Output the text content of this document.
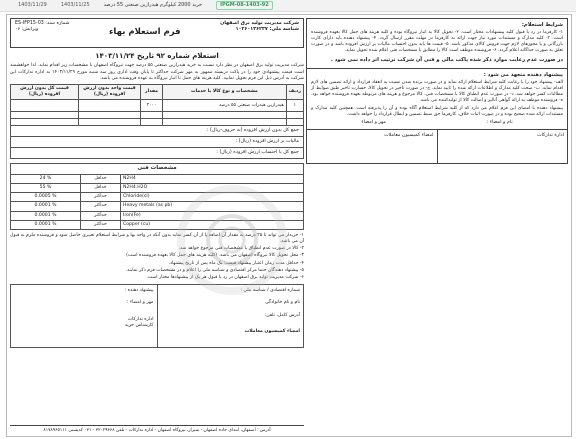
IPGM-08-1403-92
خرید 2000 کیلوگرم هیدرازین صنعتی 55 درصد
1403/11/25
1403/11/29
شرکت مدیریت تولید برق اصفهان
شناسه ملی: ۱۰۲۶۰۱۳۶۲۴۷
فرم استعلام بهاء
ES-IFP15-03 :شماره سند
ویرایش: ۰۶
استعلام شماره ۹۲ تاریخ ۱۴۰۳/۱۱/۲۴
شرکت مدیریت تولید برق اصفهان در نظر دارد نسبت به خرید هیدرازین صنعتی ۵۵ درصد جهت نیروگاه اصفهان با مشخصات زیر اقدام نماید. لذا خواهشمند است قیمت پیشنهادی خود را در پاکت دربسته ممهور به مهر شرکت حداکثر تا پایان وقت اداری روز سه شنبه مورخ ۱۴۰۳/۱۱/۲۹ به اداره تدارکات این شرکت به آدرس ذیل این فرم تحویل نمایید. کلیه هزینه های حمل تا انبار نیروگاه به عهده فروشنده می باشد.
ردیف	مشخصات و نوع کالا یا خدمات	مقدار	قیمت واحد بدون ارزش افزوده (ریال)	قیمت کل بدون ارزش افزوده (ریال)
۱	هیدرازین هیدرات صنعتی ۵۵ درصد	۲۰۰۰		

جمع کل بدون ارزش افزوده (به حروف-ریال) :
مالیات بر ارزش افزوده (ریال) :
جمع کل با احتساب ارزش افزوده (ریال) :
مشخصات فنی
N2H4	حداقل	24 %
N2H4.H2O	حداقل	55 %
Chloride(cl)	حداکثر	0.0005 %
Heavy metals (as pb)	حداکثر	0.0001 %
Iron(Fe)	حداکثر	0.0001 %
Copper (cu)	حداکثر	0.0001 %

۱- خریدار می تواند تا ۲۵ درصد به مقدار آن اضافه یا از آن کسر نماید بدون آنکه در واحد بها و شرایط استعلام تغییری حاصل شود و فروشنده ملزم به قبول آن می باشد.

۲- کالا در صورت عدم انطباق با مشخصات فنی مرجوع خواهد شد.

۳- محل تحویل کالا نیروگاه اصفهان می باشد. (کلیه هزینه های حمل کالا بعهده فروشنده است)

۴- حداقل مدت زمان اعتبار پیشنهاد قیمت: یک ماه پس از تاریخ پیشنهاد.

۵- پیشنهاد دهندگان حتما مرکز اقتصادی و شناسه ملی را اعلام و در مشخصات فرم ذکر نمایند.

۶- شرکت مدیریت تولید برق اصفهان در رد یا قبول هر یک از پیشنهادها مختار است.

شماره اقتصادی / شناسه ملی :
نام و نام خانوادگی
آدرس کامل، تلفن:
امضاء کمیسیون معاملات
پیشنهاد دهنده :
مهر و امضاء :
اداره تدارکات
کارشناس خرید
آدرس : اصفهان، ابتدای جاده اصفهان - شیراز، نیروگاه اصفهان - اداره تدارکات - تلفن ۳۲۰۲۹۳۶۸ - ۰۳۱ کدپستی ۸۱۷۸۹۶۵۱۱۱
شرایط استعلام:

۱- کارفرما در رد یا قبول کلیه پیشنهادات مختار است. ۲- تحویل کالا به انبار نیروگاه بوده و کلیه هزینه های حمل کالا بعهده فروشنده است. ۳- کلیه مدارک و مستندات مورد نیاز جهت ارائه به کارفرما در مهلت مقرر ارسال گردد. ۴- پیشنهاد دهنده باید دارای کارت بازرگانی و یا مجوزهای لازم جهت فروش کالای مذکور باشد. ۵- قیمت ها باید بدون احتساب مالیات بر ارزش افزوده باشد و در صورت تعلق به صورت جداگانه اعلام گردد. ۶- فروشنده موظف است کالا را مطابق با مشخصات فنی اعلام شده تحویل نماید.

در صورت عدم رعایت موارد ذکر شده پاکت مالی و فنی آن شرکت ترتیب اثر داده نمی شود .
پیشنهاد دهنده متعهد می شود :

الف- پیشنهاد خود را با رعایت کلیه شرایط استعلام ارائه نماید و در صورت برنده شدن نسبت به انعقاد قرارداد و ارائه تضمین های لازم اقدام نماید. ب- صحت کلیه مدارک و اطلاعات ارائه شده را تایید نماید. ج- در صورت تاخیر در تحویل کالا، خسارت تاخیر طبق ضوابط از مطالبات کسر خواهد شد. د- در صورت عدم انطباق کالا با مشخصات فنی، کالا مرجوع و هزینه های مربوطه بعهده فروشنده خواهد بود. ه- فروشنده موظف به ارائه گواهی آنالیز و اصالت کالا از تولیدکننده می باشد.

پیشنهاد دهنده با امضای این فرم اعلام می دارد که از کلیه شرایط استعلام آگاه بوده و آن را پذیرفته است. همچنین کلیه مدارک و مستندات ارائه شده صحیح بوده و در صورت اثبات خلاف، کارفرما حق ضبط تضمین و ابطال قرارداد را خواهد داشت.

نام و امضاء :
مهر و امضاء
اداره تدارکات
امضاء کمیسیون معاملات
